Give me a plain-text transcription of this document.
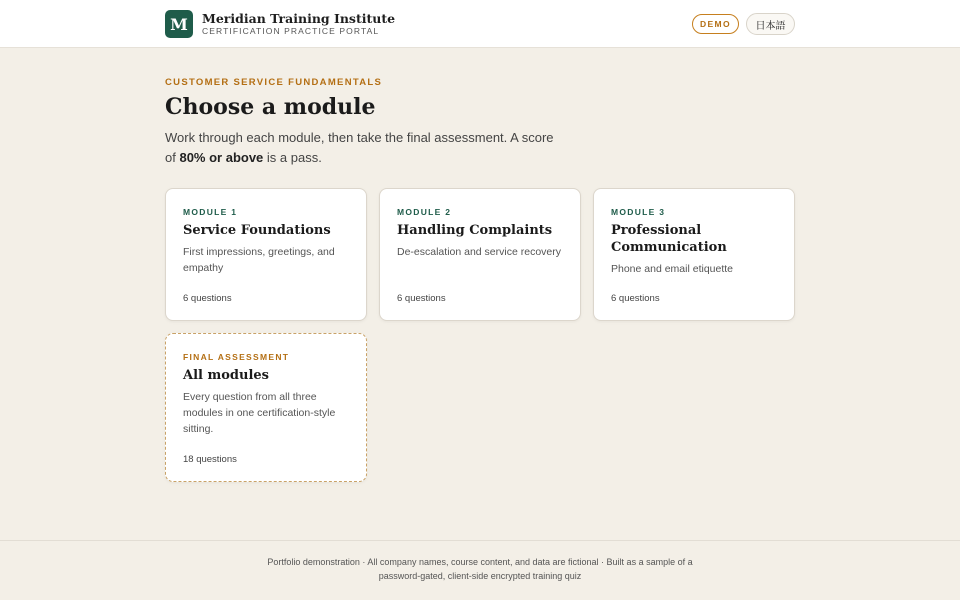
M	Meridian Training Institute
CERTIFICATION PRACTICE PORTAL
DEMO	日本語
CUSTOMER SERVICE FUNDAMENTALS
Choose a module

Work through each module, then take the final assessment. A score of 80% or above is a pass.

MODULE 1
Service Foundations
First impressions, greetings, and empathy
6 questions
MODULE 2
Handling Complaints
De-escalation and service recovery
6 questions
MODULE 3
Professional Communication
Phone and email etiquette
6 questions
FINAL ASSESSMENT
All modules
Every question from all three modules in one certification-style sitting.
18 questions

Portfolio demonstration · All company names, course content, and data are fictional · Built as a sample of a password-gated, client-side encrypted training quiz
